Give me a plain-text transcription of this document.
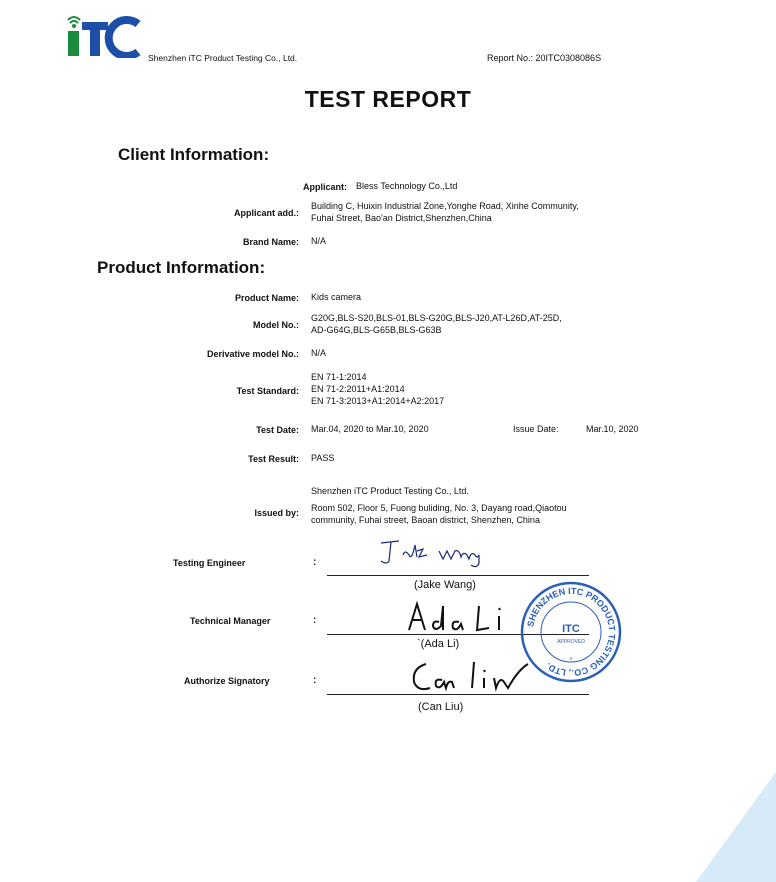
Shenzhen iTC Product Testing Co., Ltd.	Report No.: 20ITC0308086S
TEST REPORT
Client Information:
Applicant: Bless Technology Co.,Ltd
Applicant add.:
Building C, Huixin Industrial Zone,Yonghe Road, Xinhe Community,
Fuhai Street, Bao'an District,Shenzhen,China
Brand Name: N/A
Product Information:
Product Name: Kids camera
Model No.:
G20G,BLS-S20,BLS-01,BLS-G20G,BLS-J20,AT-L26D,AT-25D,
AD-G64G,BLS-G65B,BLS-G63B
Derivative model No.: N/A
Test Standard:
EN 71-1:2014
EN 71-2:2011+A1:2014
EN 71-3:2013+A1:2014+A2:2017
Test Date: Mar.04, 2020 to Mar.10, 2020	Issue Date:	Mar.10, 2020
Test Result: PASS
Issued by:
Shenzhen iTC Product Testing Co., Ltd.
Room 502, Floor 5, Fuong buliding, No. 3, Dayang road,Qiaotou
community, Fuhai street, Baoan district, Shenzhen, China
Testing Engineer	:
(Jake Wang)
Technical Manager	:
`(Ada Li)
SHENZHEN ITC PRODUCT TESTING CO., LTD.
ITC
APPROVED
*
Authorize Signatory	:
(Can Liu)
